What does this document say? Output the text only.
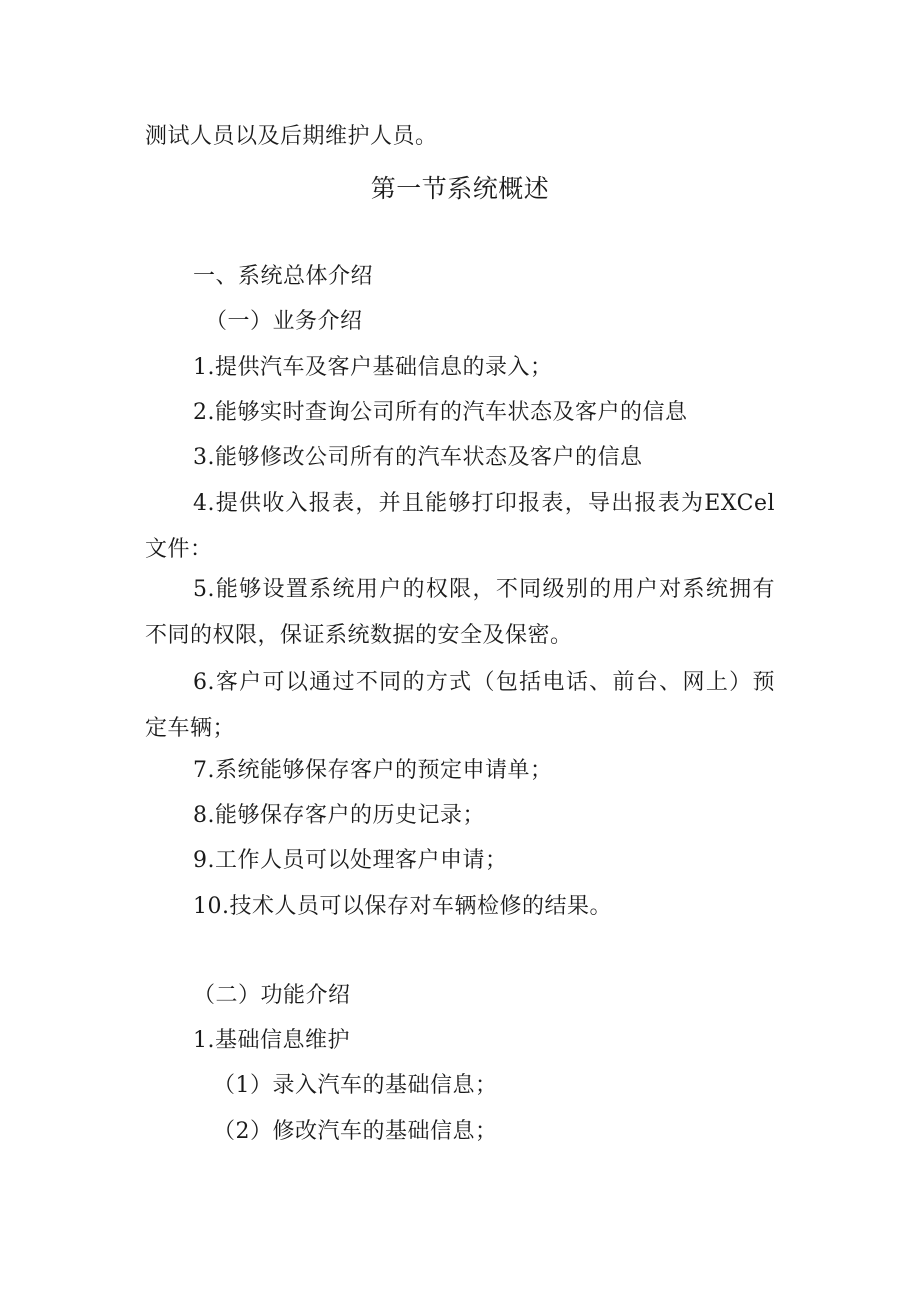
测试人员以及后期维护人员。
第一节系统概述
一、系统总体介绍
（一）业务介绍
1.提供汽车及客户基础信息的录入；
2.能够实时查询公司所有的汽车状态及客户的信息
3.能够修改公司所有的汽车状态及客户的信息
4.提供收入报表，并且能够打印报表，导出报表为EXCel文件：
5.能够设置系统用户的权限，不同级别的用户对系统拥有不同的权限，保证系统数据的安全及保密。
6.客户可以通过不同的方式（包括电话、前台、网上）预定车辆；
7.系统能够保存客户的预定申请单；
8.能够保存客户的历史记录；
9.工作人员可以处理客户申请；
10.技术人员可以保存对车辆检修的结果。
（二）功能介绍
1.基础信息维护
（1）录入汽车的基础信息；
（2）修改汽车的基础信息；
